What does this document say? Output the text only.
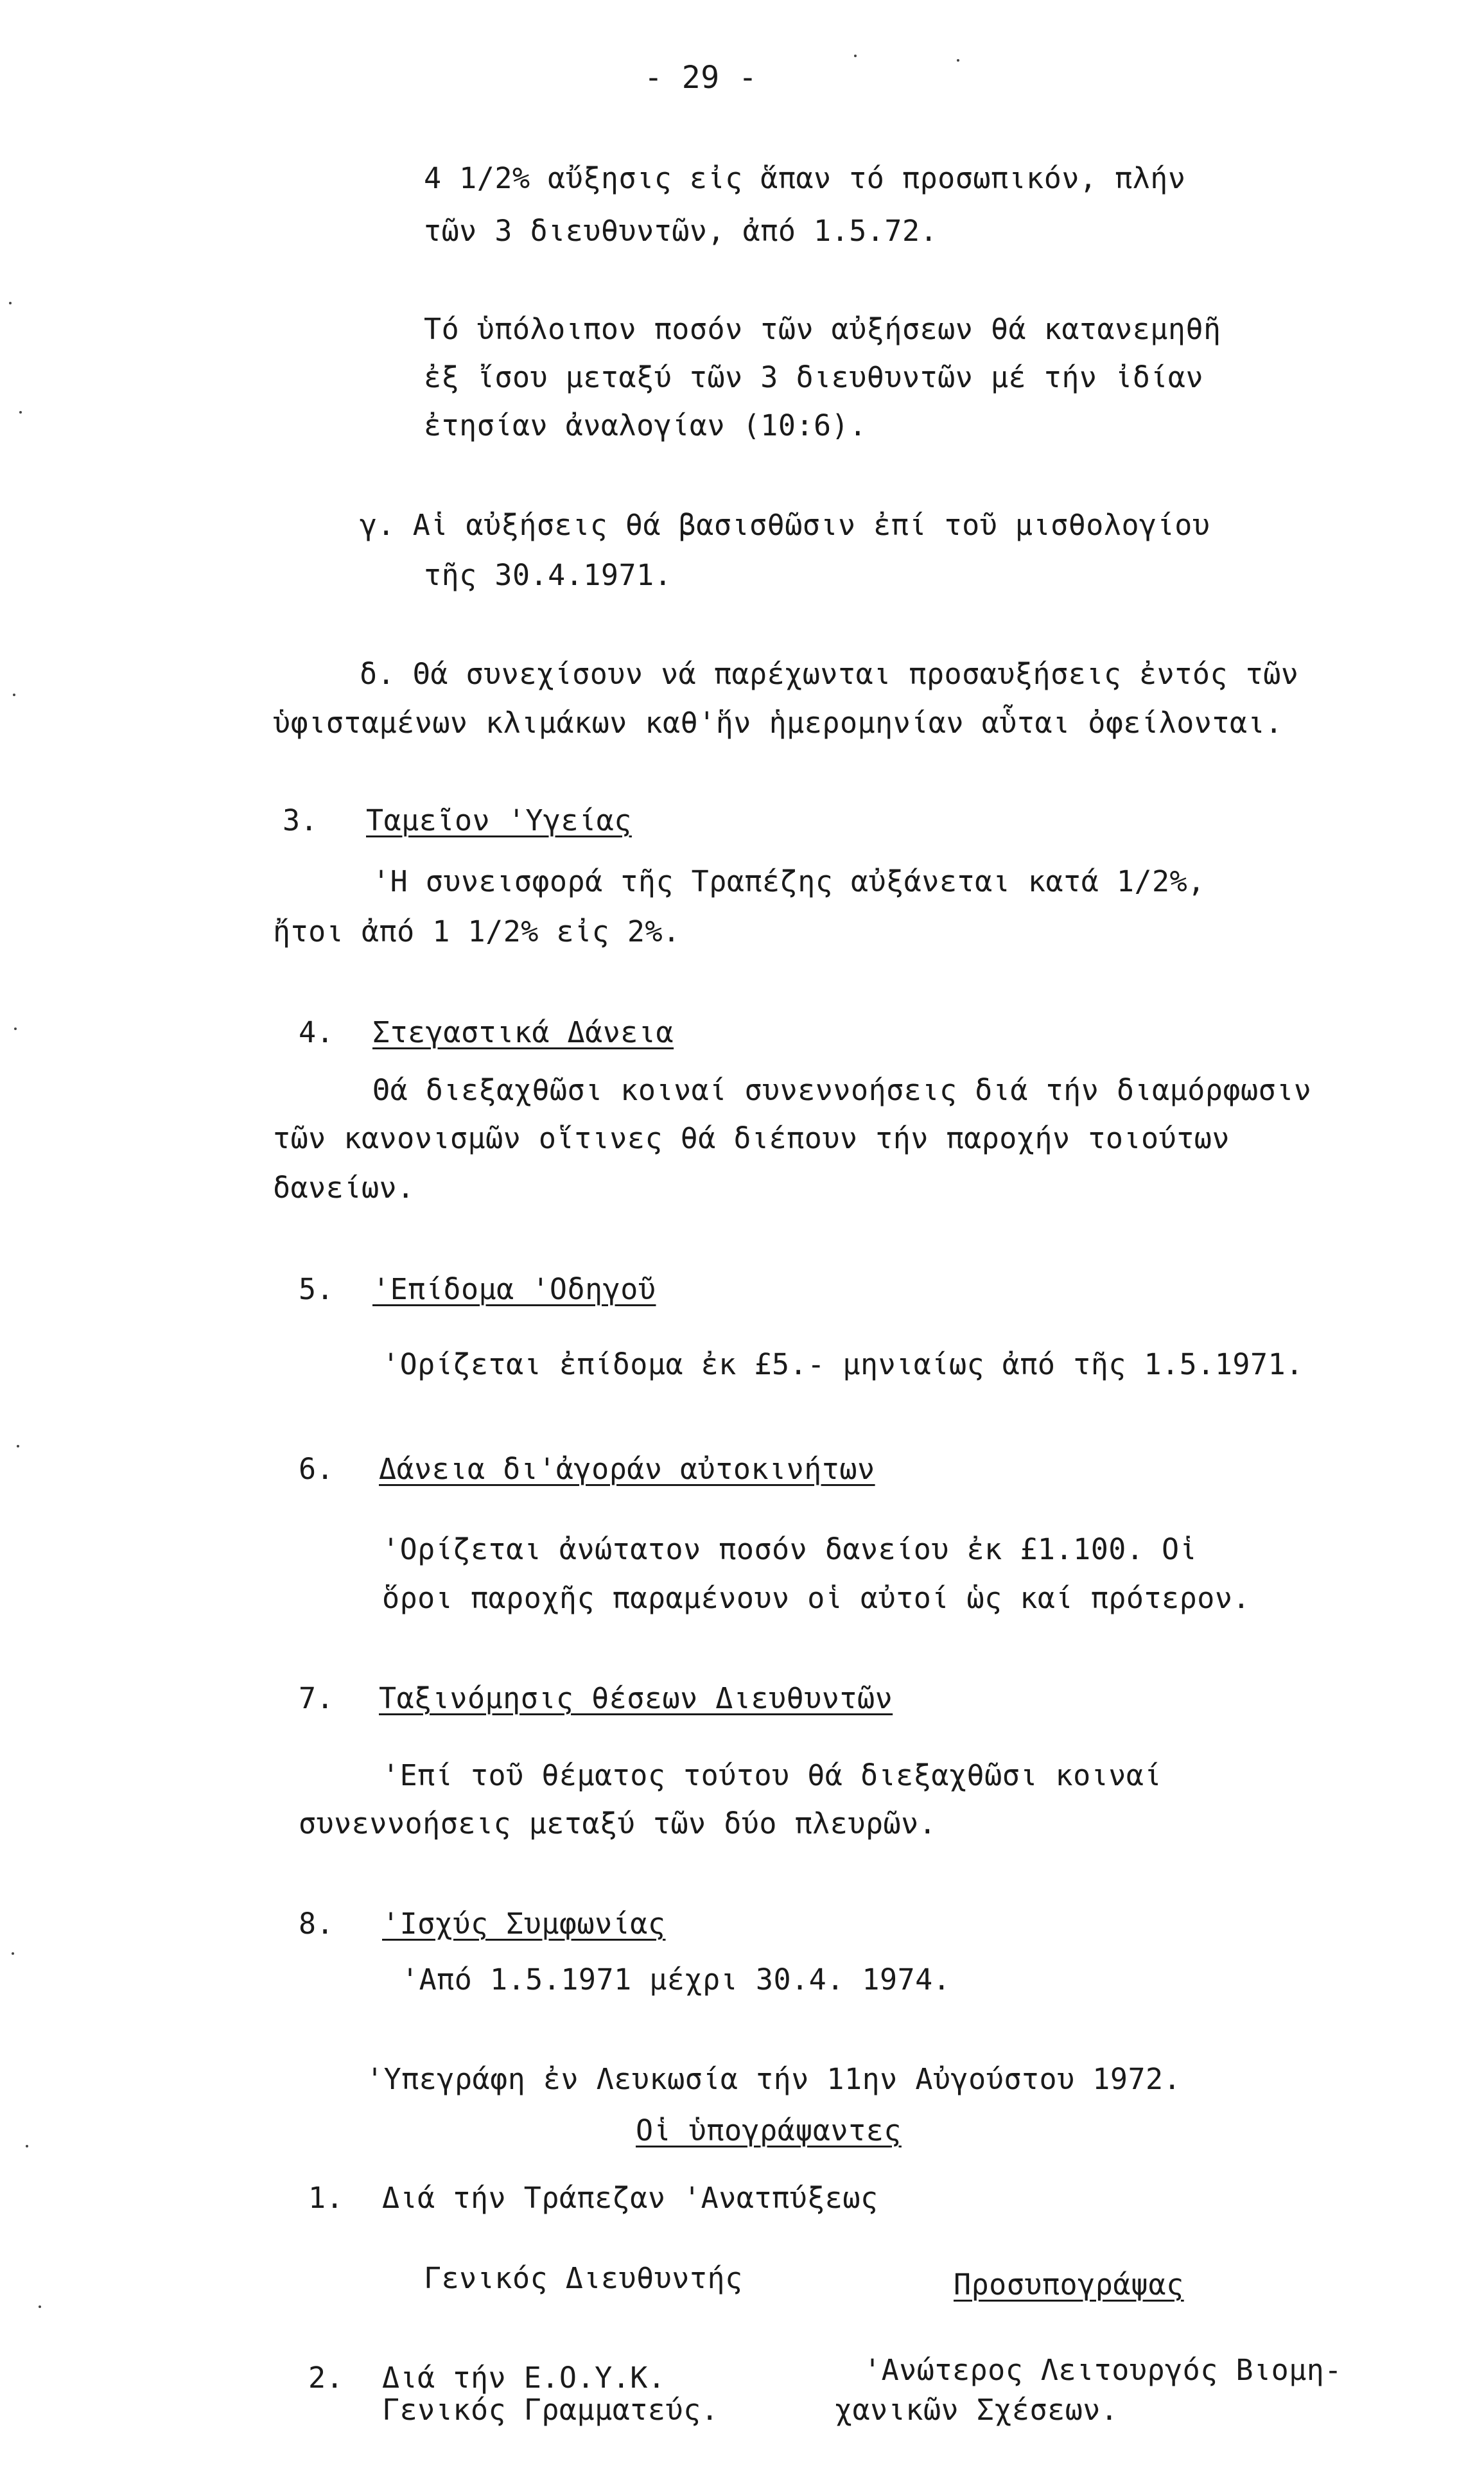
- 29 -
4 1/2% αὔξησις εἰς ἅπαν τό προσωπικόν, πλήν
τῶν 3 διευθυντῶν, ἀπό 1.5.72.
Τό ὑπόλοιπον ποσόν τῶν αὐξήσεων θά κατανεμηθῆ
ἐξ ἴσου μεταξύ τῶν 3 διευθυντῶν μέ τήν ἰδίαν
ἐτησίαν ἀναλογίαν (10:6).
γ. Αἱ αὐξήσεις θά βασισθῶσιν ἐπί τοῦ μισθολογίου
τῆς 30.4.1971.
δ. Θά συνεχίσουν νά παρέχωνται προσαυξήσεις ἐντός τῶν
ὑφισταμένων κλιμάκων καθ'ἥν ἡμερομηνίαν αὗται ὀφείλονται.
3. Ταμεῖον 'Υγείας
'Η συνεισφορά τῆς Τραπέζης αὐξάνεται κατά 1/2%,
ἤτοι ἀπό 1 1/2% εἰς 2%.
4. Στεγαστικά Δάνεια
Θά διεξαχθῶσι κοιναί συνεννοήσεις διά τήν διαμόρφωσιν
τῶν κανονισμῶν οἵτινες θά διέπουν τήν παροχήν τοιούτων
δανείων.
5. 'Επίδομα 'Οδηγοῦ
'Ορίζεται ἐπίδομα ἐκ £5.- μηνιαίως ἀπό τῆς 1.5.1971.
6. Δάνεια δι'ἀγοράν αὐτοκινήτων
'Ορίζεται ἀνώτατον ποσόν δανείου ἐκ £1.100. Οἱ
ὅροι παροχῆς παραμένουν οἱ αὐτοί ὡς καί πρότερον.
7. Ταξινόμησις θέσεων Διευθυντῶν
'Επί τοῦ θέματος τούτου θά διεξαχθῶσι κοιναί
συνεννοήσεις μεταξύ τῶν δύο πλευρῶν.
8. 'Ισχύς Συμφωνίας
'Από 1.5.1971 μέχρι 30.4. 1974.
'Υπεγράφη ἐν Λευκωσία τήν 11ην Αὐγούστου 1972.
Οἱ ὑπογράψαντες
1. Διά τήν Τράπεζαν 'Ανατπύξεως
Γενικός Διευθυντής	Προσυπογράψας
2. Διά τήν Ε.Ο.Υ.Κ.
Γενικός Γραμματεύς.
'Ανώτερος Λειτουργός Βιομη-
χανικῶν Σχέσεων.
